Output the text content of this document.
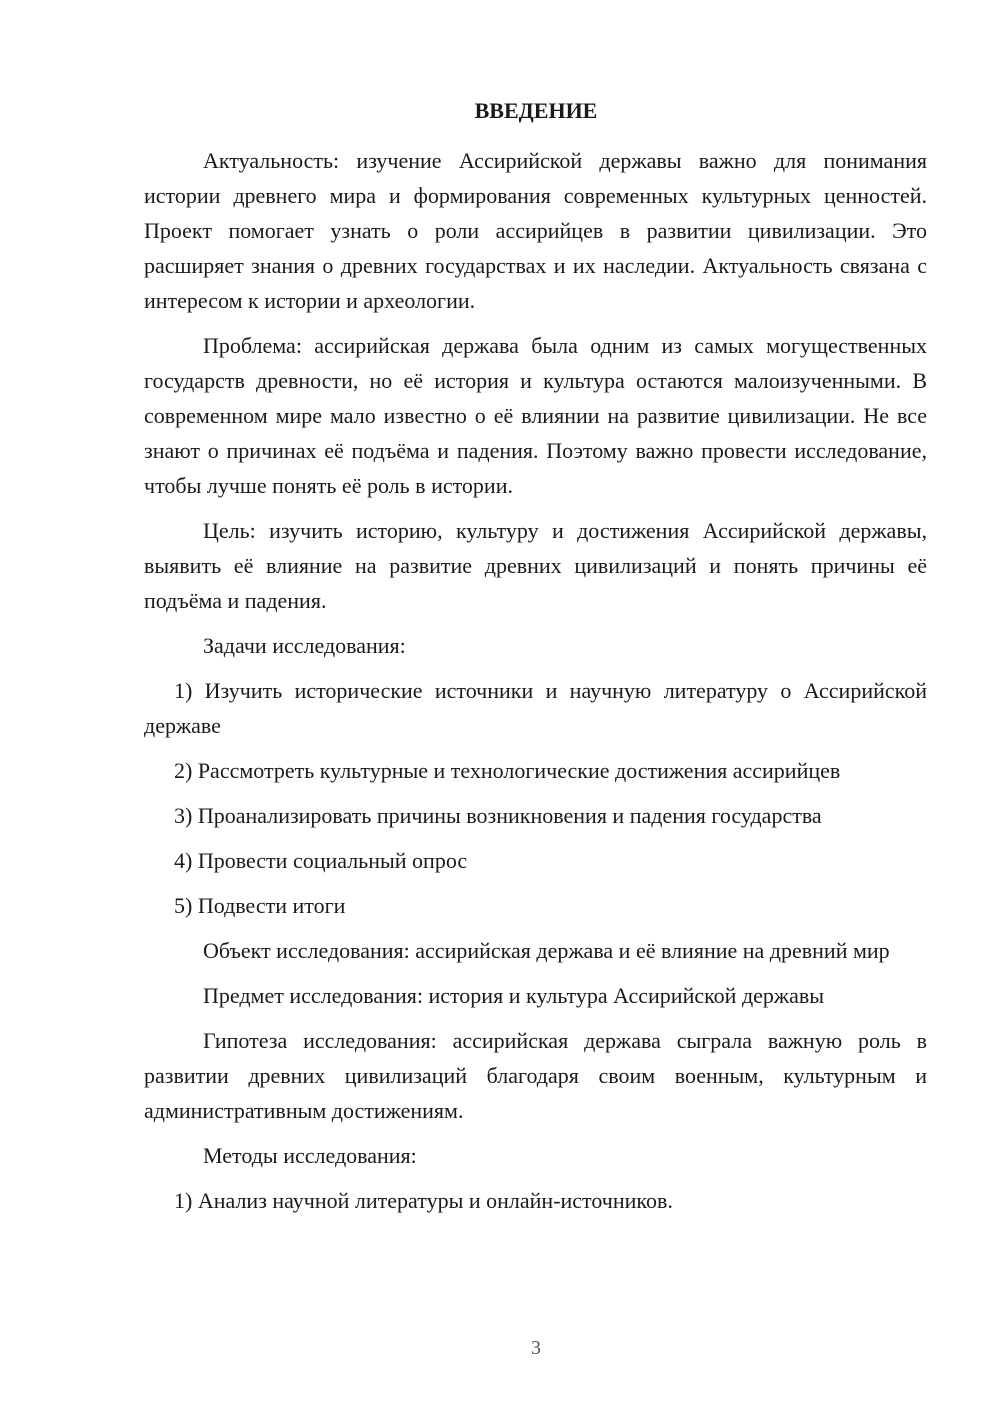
ВВЕДЕНИЕ

Актуальность: изучение Ассирийской державы важно для понимания истории древнего мира и формирования современных культурных ценностей. Проект помогает узнать о роли ассирийцев в развитии цивилизации. Это расширяет знания о древних государствах и их наследии. Актуальность связана с интересом к истории и археологии.

Проблема: ассирийская держава была одним из самых могущественных государств древности, но её история и культура остаются малоизученными. В современном мире мало известно о её влиянии на развитие цивилизации. Не все знают о причинах её подъёма и падения. Поэтому важно провести исследование, чтобы лучше понять её роль в истории.

Цель: изучить историю, культуру и достижения Ассирийской державы, выявить её влияние на развитие древних цивилизаций и понять причины её подъёма и падения.

Задачи исследования:

1) Изучить исторические источники и научную литературу о Ассирийской державе

2) Рассмотреть культурные и технологические достижения ассирийцев

3) Проанализировать причины возникновения и падения государства

4) Провести социальный опрос

5) Подвести итоги

Объект исследования: ассирийская держава и её влияние на древний мир

Предмет исследования: история и культура Ассирийской державы

Гипотеза исследования: ассирийская держава сыграла важную роль в развитии древних цивилизаций благодаря своим военным, культурным и административным достижениям.

Методы исследования:

1) Анализ научной литературы и онлайн-источников.

3
